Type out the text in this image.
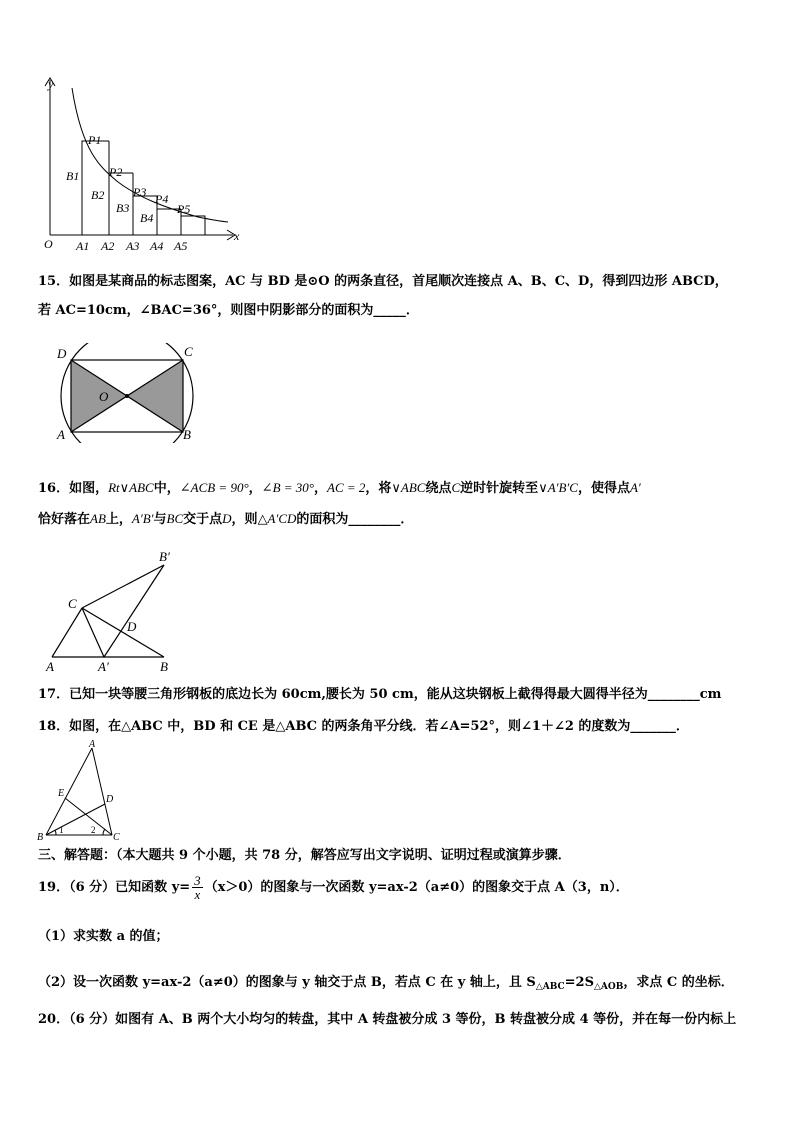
y
x
O
P1
P2
P3 P4
P5
B1
B2
B3
B4
A1 A2 A3 A4 A5
15．如图是某商品的标志图案，AC 与 BD 是⊙O 的两条直径，首尾顺次连接点 A、B、C、D，得到四边形 ABCD，
若 AC=10cm，∠BAC=36°，则图中阴影部分的面积为_____．
D	C
O
A	B
16．如图，Rt∨ABC中，∠ACB = 90°，∠B = 30°，AC = 2，将∨ABC绕点C逆时针旋转至∨A′B′C，使得点A′
恰好落在AB上，A′B′与BC交于点D，则△A′CD的面积为________．
B′
C
D
A	A′	B
17．已知一块等腰三角形钢板的底边长为 60cm,腰长为 50 cm，能从这块钢板上截得得最大圆得半径为________cm
18．如图，在△ABC 中，BD 和 CE 是△ABC 的两条角平分线．若∠A=52°，则∠1＋∠2 的度数为_______．
A
E
D
B	C
1	2
三、解答题：（本大题共 9 个小题，共 78 分，解答应写出文字说明、证明过程或演算步骤．
19．（6 分）已知函数 $y= \frac{3}{x} (x>0)$的图象与一次函数 y=ax-2（a≠0）的图象交于点 A（3，n）．
（1）求实数 a 的值；
（2）设一次函数 y=ax-2（a≠0）的图象与 y 轴交于点 B，若点 C 在 y 轴上，且 $S_{\triangle ABC}=2S_{\triangle AOB}$，求点 C 的坐标．
20．（6 分）如图有 A、B 两个大小均匀的转盘，其中 A 转盘被分成 3 等份，B 转盘被分成 4 等份，并在每一份内标上
